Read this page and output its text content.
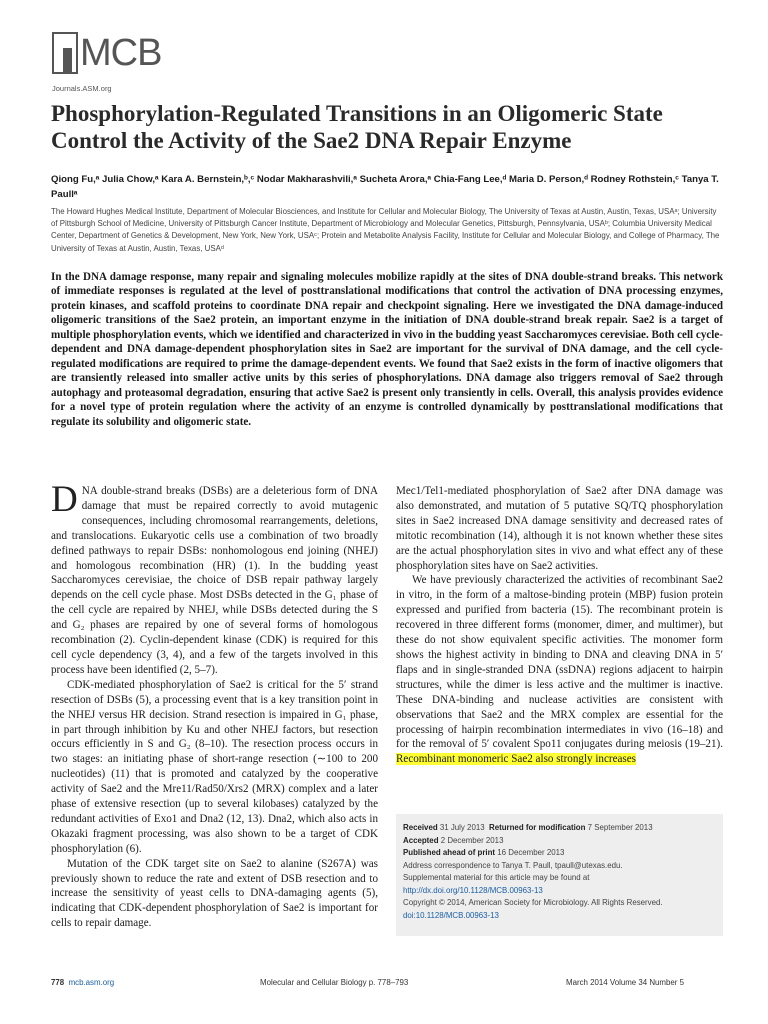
MCB
Journals.ASM.org
Phosphorylation-Regulated Transitions in an Oligomeric State Control the Activity of the Sae2 DNA Repair Enzyme
Qiong Fu,ᵃ Julia Chow,ᵃ Kara A. Bernstein,ᵇ,ᶜ Nodar Makharashvili,ᵃ Sucheta Arora,ᵃ Chia-Fang Lee,ᵈ Maria D. Person,ᵈ Rodney Rothstein,ᶜ Tanya T. Paullᵃ
The Howard Hughes Medical Institute, Department of Molecular Biosciences, and Institute for Cellular and Molecular Biology, The University of Texas at Austin, Austin, Texas, USAᵃ; University of Pittsburgh School of Medicine, University of Pittsburgh Cancer Institute, Department of Microbiology and Molecular Genetics, Pittsburgh, Pennsylvania, USAᵇ; Columbia University Medical Center, Department of Genetics & Development, New York, New York, USAᶜ; Protein and Metabolite Analysis Facility, Institute for Cellular and Molecular Biology, and College of Pharmacy, The University of Texas at Austin, Austin, Texas, USAᵈ
In the DNA damage response, many repair and signaling molecules mobilize rapidly at the sites of DNA double-strand breaks. This network of immediate responses is regulated at the level of posttranslational modifications that control the activation of DNA processing enzymes, protein kinases, and scaffold proteins to coordinate DNA repair and checkpoint signaling. Here we investigated the DNA damage-induced oligomeric transitions of the Sae2 protein, an important enzyme in the initiation of DNA double-strand break repair. Sae2 is a target of multiple phosphorylation events, which we identified and characterized in vivo in the budding yeast Saccharomyces cerevisiae. Both cell cycle-dependent and DNA damage-dependent phosphorylation sites in Sae2 are important for the survival of DNA damage, and the cell cycle-regulated modifications are required to prime the damage-dependent events. We found that Sae2 exists in the form of inactive oligomers that are transiently released into smaller active units by this series of phosphorylations. DNA damage also triggers removal of Sae2 through autophagy and proteasomal degradation, ensuring that active Sae2 is present only transiently in cells. Overall, this analysis provides evidence for a novel type of protein regulation where the activity of an enzyme is controlled dynamically by posttranslational modifications that regulate its solubility and oligomeric state.

DNA double-strand breaks (DSBs) are a deleterious form of DNA damage that must be repaired correctly to avoid mutagenic consequences, including chromosomal rearrangements, deletions, and translocations. Eukaryotic cells use a combination of two broadly defined pathways to repair DSBs: nonhomologous end joining (NHEJ) and homologous recombination (HR) (1). In the budding yeast Saccharomyces cerevisiae, the choice of DSB repair pathway largely depends on the cell cycle phase. Most DSBs detected in the G₁ phase of the cell cycle are repaired by NHEJ, while DSBs detected during the S and G₂ phases are repaired by one of several forms of homologous recombination (2). Cyclin-dependent kinase (CDK) is required for this cell cycle dependency (3, 4), and a few of the targets involved in this process have been identified (2, 5–7).

CDK-mediated phosphorylation of Sae2 is critical for the 5′ strand resection of DSBs (5), a processing event that is a key transition point in the NHEJ versus HR decision. Strand resection is impaired in G₁ phase, in part through inhibition by Ku and other NHEJ factors, but resection occurs efficiently in S and G₂ (8–10). The resection process occurs in two stages: an initiating phase of short-range resection (∼100 to 200 nucleotides) (11) that is promoted and catalyzed by the cooperative activity of Sae2 and the Mre11/Rad50/Xrs2 (MRX) complex and a later phase of extensive resection (up to several kilobases) catalyzed by the redundant activities of Exo1 and Dna2 (12, 13). Dna2, which also acts in Okazaki fragment processing, was also shown to be a target of CDK phosphorylation (6).

Mutation of the CDK target site on Sae2 to alanine (S267A) was previously shown to reduce the rate and extent of DSB resection and to increase the sensitivity of yeast cells to DNA-damaging agents (5), indicating that CDK-dependent phosphorylation of Sae2 is important for cells to repair damage.

Mec1/Tel1-mediated phosphorylation of Sae2 after DNA damage was also demonstrated, and mutation of 5 putative SQ/TQ phosphorylation sites in Sae2 increased DNA damage sensitivity and decreased rates of mitotic recombination (14), although it is not known whether these sites are the actual phosphorylation sites in vivo and what effect any of these phosphorylation sites have on Sae2 activities.

We have previously characterized the activities of recombinant Sae2 in vitro, in the form of a maltose-binding protein (MBP) fusion protein expressed and purified from bacteria (15). The recombinant protein is recovered in three different forms (monomer, dimer, and multimer), but these do not show equivalent specific activities. The monomer form shows the highest activity in binding to DNA and cleaving DNA in 5′ flaps and in single-stranded DNA (ssDNA) regions adjacent to hairpin structures, while the dimer is less active and the multimer is inactive. These DNA-binding and nuclease activities are consistent with observations that Sae2 and the MRX complex are essential for the processing of hairpin recombination intermediates in vivo (16–18) and for the removal of 5′ covalent Spo11 conjugates during meiosis (19–21). Recombinant monomeric Sae2 also strongly increases

Received 31 July 2013 Returned for modification 7 September 2013
Accepted 2 December 2013
Published ahead of print 16 December 2013
Address correspondence to Tanya T. Paull, tpaull@utexas.edu.
Supplemental material for this article may be found at http://dx.doi.org/10.1128/MCB.00963-13
Copyright © 2014, American Society for Microbiology. All Rights Reserved.
doi:10.1128/MCB.00963-13
778 mcb.asm.org	Molecular and Cellular Biology p. 778–793	March 2014 Volume 34 Number 5
